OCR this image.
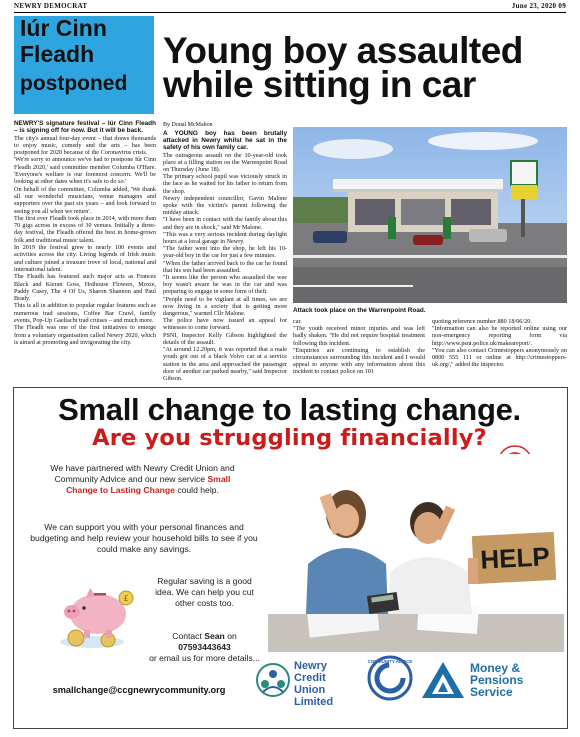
NEWRY DEMOCRAT	June 23, 2020 09
Iúr Cinn
Fleadh
postponed

NEWRY'S signature festival – Iúr Cinn Fleadh – is signing off for now. But it will be back.

The city's annual four-day event – that draws thousands to enjoy music, comedy and the arts – has been postponed for 2020 because of the Coronavirus crisis.

'We're sorry to announce we've had to postpone Iúr Cinn Fleadh 2020,' said committee member Columba O'Hare. 'Everyone's welfare is our foremost concern. We'll be looking at other dates when it's safe to do so.'

On behalf of the committee, Columba added, 'We thank all our wonderful musicians, venue managers and supporters over the past six years – and look forward to seeing you all when we return'.

The first ever Fleadh took place in 2014, with more than 70 gigs across in excess of 30 venues. Initially a three-day festival, the Fleadh offered the best in home-grown folk and traditional music talent.

In 2019 the festival grew to nearly 100 events and activities across the city. Living legends of Irish music and culture joined a treasure trove of local, national and international talent.

The Fleadh has featured such major acts as Frances Black and Kieran Goss, Hothouse Flowers, Moxie, Paddy Casey, The 4 Of Us, Sharon Shannon and Paul Brady.

This is all in addition to popular regular features such as numerous trad sessions, Coffee Bar Crawl, family events, Pop-Up Gaeltacht trad cruises – and much more.

The Fleadh was one of the first initiatives to emerge from a voluntary organisation called Newry 2020, which is aimed at promoting and invigorating the city.

Young boy assaulted
while sitting in car
By Donal McMahon

A YOUNG boy has been brutally attacked in Newry whilst he sat in the safety of his own family car.

The outrageous assault on the 10-year-old took place at a filling station on the Warrenpoint Road on Thursday (June 18).

The primary school pupil was viciously struck in the face as he waited for his father to return from the shop.

Newry independent councillor, Gavin Malone spoke with the victim's parent following the midday attack.

"I have been in contact with the family about this and they are in shock," said Mr Malone.

"This was a very serious incident during daylight hours at a local garage in Newry.

"The father went into the shop, he left his 10-year-old boy in the car for just a few minutes.

"When the father arrived back to the car he found that his son had been assaulted.

"It seems like the person who assaulted the wee boy wasn't aware he was in the car and was preparing to engage in some form of theft.

"People need to be vigilant at all times, we are now living in a society that is getting more dangerous," warned Cllr Malone.

The police have now issued an appeal for witnesses to come forward.

PSNI, Inspector Kelly Gibson highlighted the details of the assault.

"At around 12.20pm, it was reported that a male youth got out of a black Volvo car at a service station in the area and approached the passenger door of another car parked nearby," said Inspector Gibson.

Attack took place on the Warrenpoint Road.

car.

"The youth received minor injuries and was left badly shaken. "He did not require hospital treatment following this incident.

"Enquiries are continuing to establish the circumstances surrounding this incident and I would appeal to anyone with any information about this incident to contact police on 101

quoting reference number 880 18/06/20.

"Information can also be reported online using our non-emergency reporting form via http://www.psni.police.uk/makeareport/.

"You can also contact Crimestoppers anonymously on 0800 555 111 or online at http://crimestoppers-uk.org/," added the inspector.

Small change to lasting change.
Are you struggling financially?
We have partnered with Newry Credit Union and Community Advice and our new service Small Change to Lasting Change could help.
We can support you with your personal finances and budgeting and help review your household bills to see if you could make any savings.
Regular saving is a good idea. We can help you cut other costs too.
Contact Sean on
07593443643
or email us for more details...
smallchange@ccgnewrycommunity.org
£
HELP
Newry Credit Union Limited
COMMUNITY ADVICE	Money & Pensions Service
